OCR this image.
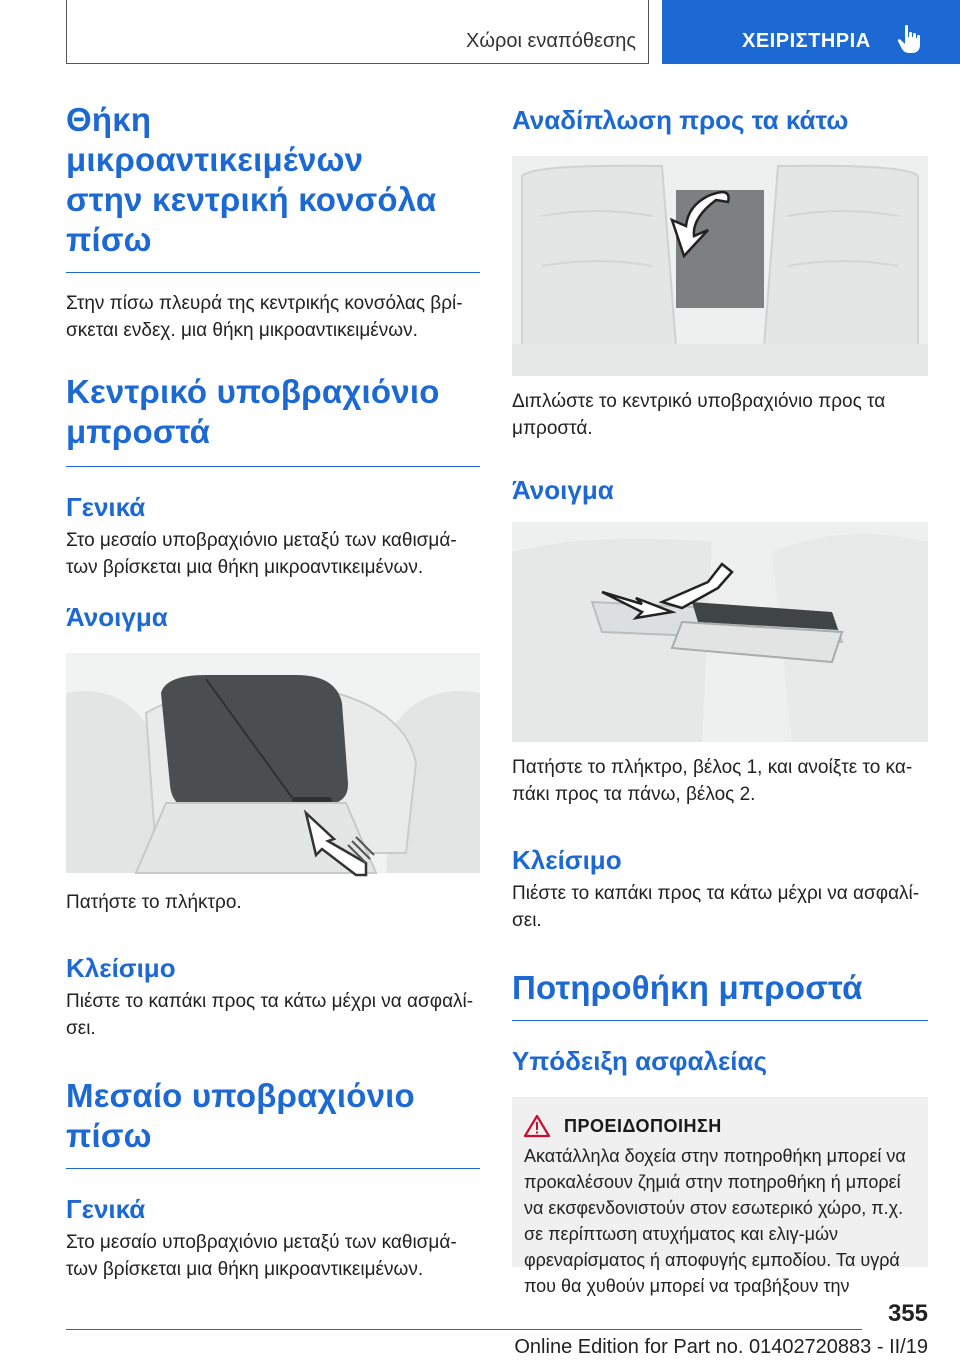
Χώροι εναπόθεσης	ΧΕΙΡΙΣΤΗΡΙΑ
Θήκη μικροαντικειμένων στην κεντρική κονσόλα πίσω

Στην πίσω πλευρά της κεντρικής κονσόλας βρί-σκεται ενδεχ. μια θήκη μικροαντικειμένων.

Κεντρικό υποβραχιόνιο μπροστά
Γενικά

Στο μεσαίο υποβραχιόνιο μεταξύ των καθισμά-των βρίσκεται μια θήκη μικροαντικειμένων.

Άνοιγμα

Πατήστε το πλήκτρο.

Κλείσιμο

Πιέστε το καπάκι προς τα κάτω μέχρι να ασφαλί-σει.

Μεσαίο υποβραχιόνιο πίσω
Γενικά

Στο μεσαίο υποβραχιόνιο μεταξύ των καθισμά-των βρίσκεται μια θήκη μικροαντικειμένων.

Αναδίπλωση προς τα κάτω

Διπλώστε το κεντρικό υποβραχιόνιο προς τα μπροστά.

Άνοιγμα

Πατήστε το πλήκτρο, βέλος 1, και ανοίξτε το κα-πάκι προς τα πάνω, βέλος 2.

Κλείσιμο

Πιέστε το καπάκι προς τα κάτω μέχρι να ασφαλί-σει.

Ποτηροθήκη μπροστά
Υπόδειξη ασφαλείας
ΠΡΟΕΙΔΟΠΟΙΗΣΗ

Ακατάλληλα δοχεία στην ποτηροθήκη μπορεί να προκαλέσουν ζημιά στην ποτηροθήκη ή μπορεί να εκσφενδονιστούν στον εσωτερικό χώρο, π.χ. σε περίπτωση ατυχήματος και ελιγ-μών φρεναρίσματος ή αποφυγής εμποδίου. Τα υγρά που θα χυθούν μπορεί να τραβήξουν την

355
Online Edition for Part no. 01402720883 - II/19
